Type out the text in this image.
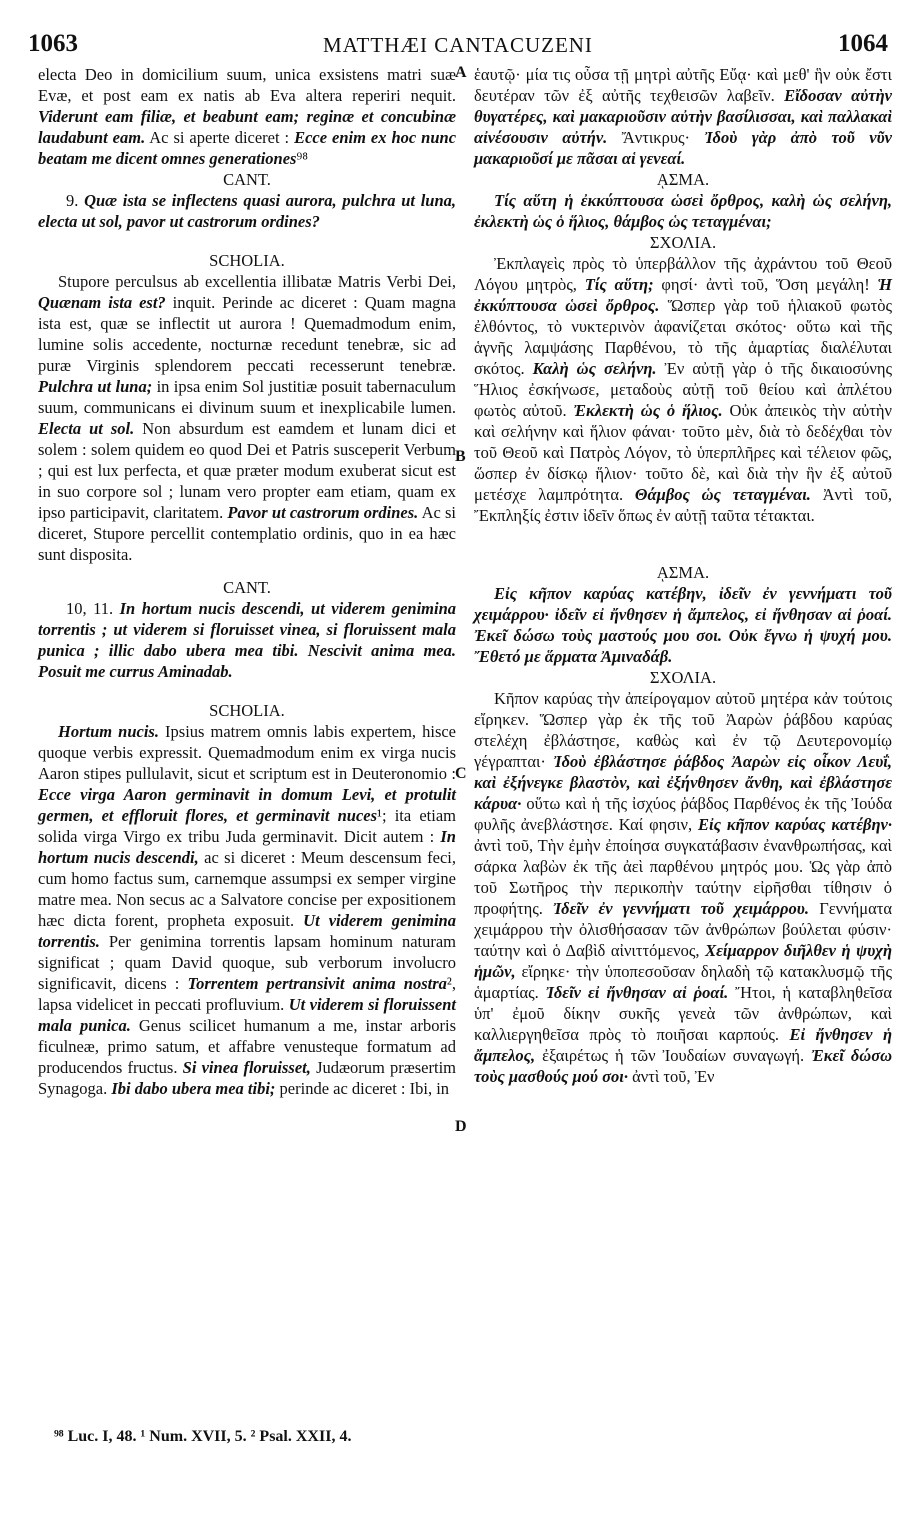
1063	MATTHÆI CANTACUZENI	1064
A
B
C
D

electa Deo in domicilium suum, unica exsistens matri suæ Evæ, et post eam ex natis ab Eva altera reperiri nequit. Viderunt eam filiæ, et beabunt eam; reginæ et concubinæ laudabunt eam. Ac si aperte diceret : Ecce enim ex hoc nunc beatam me dicent omnes generationes⁹⁸

CANT.

9. Quæ ista se inflectens quasi aurora, pulchra ut luna, electa ut sol, pavor ut castrorum ordines?

SCHOLIA.

Stupore perculsus ab excellentia illibatæ Matris Verbi Dei, Quænam ista est? inquit. Perinde ac diceret : Quam magna ista est, quæ se inflectit ut aurora ! Quemadmodum enim, lumine solis accedente, nocturnæ recedunt tenebræ, sic ad puræ Virginis splendorem peccati recesserunt tenebræ. Pulchra ut luna; in ipsa enim Sol justitiæ posuit tabernaculum suum, communicans ei divinum suum et inexplicabile lumen. Electa ut sol. Non absurdum est eamdem et lunam dici et solem : solem quidem eo quod Dei et Patris susceperit Verbum ; qui est lux perfecta, et quæ præter modum exuberat sicut est in suo corpore sol ; lunam vero propter eam etiam, quam ex ipso participavit, claritatem. Pavor ut castrorum ordines. Ac si diceret, Stupore percellit contemplatio ordinis, quo in ea hæc sunt disposita.

CANT.

10, 11. In hortum nucis descendi, ut viderem genimina torrentis ; ut viderem si floruisset vinea, si floruissent mala punica ; illic dabo ubera mea tibi. Nescivit anima mea. Posuit me currus Aminadab.

SCHOLIA.

Hortum nucis. Ipsius matrem omnis labis expertem, hisce quoque verbis expressit. Quemadmodum enim ex virga nucis Aaron stipes pullulavit, sicut et scriptum est in Deuteronomio : Ecce virga Aaron germinavit in domum Levi, et protulit germen, et effloruit flores, et germinavit nuces¹; ita etiam solida virga Virgo ex tribu Juda germinavit. Dicit autem : In hortum nucis descendi, ac si diceret : Meum descensum feci, cum homo factus sum, carnemque assumpsi ex semper virgine matre mea. Non secus ac a Salvatore concise per expositionem hæc dicta forent, propheta exposuit. Ut viderem genimina torrentis. Per genimina torrentis lapsam hominum naturam significat ; quam David quoque, sub verborum involucro significavit, dicens : Torrentem pertransivit anima nostra², lapsa videlicet in peccati profluvium. Ut viderem si floruissent mala punica. Genus scilicet humanum a me, instar arboris ficulneæ, primo satum, et affabre venusteque formatum ad producendos fructus. Si vinea floruisset, Judæorum præsertim Synagoga. Ibi dabo ubera mea tibi; perinde ac diceret : Ibi, in

ἑαυτῷ· μία τις οὖσα τῇ μητρὶ αὐτῆς Εὔᾳ· καὶ μεθ' ἣν οὐκ ἔστι δευτέραν τῶν ἐξ αὐτῆς τεχθεισῶν λαβεῖν. Εἴδοσαν αὐτὴν θυγατέρες, καὶ μακαριοῦσιν αὐτὴν βασίλισσαι, καὶ παλλακαὶ αἰνέσουσιν αὐτήν. Ἄντικρυς· Ἰδοὺ γὰρ ἀπὸ τοῦ νῦν μακαριοῦσί με πᾶσαι αἱ γενεαί.

ᾼΣΜΑ.

Τίς αὕτη ἡ ἐκκύπτουσα ὡσεὶ ὄρθρος, καλὴ ὡς σελήνη, ἐκλεκτὴ ὡς ὁ ἥλιος, θάμβος ὡς τεταγμέναι;

ΣΧΟΛΙΑ.

Ἐκπλαγεὶς πρὸς τὸ ὑπερβάλλον τῆς ἀχράντου τοῦ Θεοῦ Λόγου μητρὸς, Τίς αὕτη; φησί· ἀντὶ τοῦ, Ὅση μεγάλη! Ἡ ἐκκύπτουσα ὡσεὶ ὄρθρος. Ὥσπερ γὰρ τοῦ ἡλιακοῦ φωτὸς ἐλθόντος, τὸ νυκτερινὸν ἀφανίζεται σκότος· οὕτω καὶ τῆς ἁγνῆς λαμψάσης Παρθένου, τὸ τῆς ἁμαρτίας διαλέλυται σκότος. Καλὴ ὡς σελήνη. Ἐν αὐτῇ γὰρ ὁ τῆς δικαιοσύνης Ἥλιος ἐσκήνωσε, μεταδοὺς αὐτῇ τοῦ θείου καὶ ἀπλέτου φωτὸς αὐτοῦ. Ἐκλεκτὴ ὡς ὁ ἥλιος. Οὐκ ἀπεικὸς τὴν αὐτὴν καὶ σελήνην καὶ ἥλιον φάναι· τοῦτο μὲν, διὰ τὸ δεδέχθαι τὸν τοῦ Θεοῦ καὶ Πατρὸς Λόγον, τὸ ὑπερπλῆρες καὶ τέλειον φῶς, ὥσπερ ἐν δίσκῳ ἥλιον· τοῦτο δὲ, καὶ διὰ τὴν ἣν ἐξ αὐτοῦ μετέσχε λαμπρότητα. Θάμβος ὡς τεταγμέναι. Ἀντὶ τοῦ, Ἔκπληξίς ἐστιν ἰδεῖν ὅπως ἐν αὐτῇ ταῦτα τέτακται.

ᾼΣΜΑ.

Εἰς κῆπον καρύας κατέβην, ἰδεῖν ἐν γεννήματι τοῦ χειμάρρου· ἰδεῖν εἰ ἤνθησεν ἡ ἄμπελος, εἰ ἤνθησαν αἱ ῥοαί. Ἐκεῖ δώσω τοὺς μαστούς μου σοι. Οὐκ ἔγνω ἡ ψυχή μου. Ἔθετό με ἅρματα Ἀμιναδάβ.

ΣΧΟΛΙΑ.

Κῆπον καρύας τὴν ἀπείρογαμον αὐτοῦ μητέρα κἀν τούτοις εἴρηκεν. Ὥσπερ γὰρ ἐκ τῆς τοῦ Ἀαρὼν ῥάβδου καρύας στελέχη ἐβλάστησε, καθὼς καὶ ἐν τῷ Δευτερονομίῳ γέγραπται· Ἰδοὺ ἐβλάστησε ῥάβδος Ἀαρὼν εἰς οἶκον Λευΐ, καὶ ἐξήνεγκε βλαστὸν, καὶ ἐξήνθησεν ἄνθη, καὶ ἐβλάστησε κάρυα· οὕτω καὶ ἡ τῆς ἰσχύος ῥάβδος Παρθένος ἐκ τῆς Ἰούδα φυλῆς ἀνεβλάστησε. Καί φησιν, Εἰς κῆπον καρύας κατέβην· ἀντὶ τοῦ, Τὴν ἐμὴν ἐποίησα συγκατάβασιν ἐνανθρωπήσας, καὶ σάρκα λαβὼν ἐκ τῆς ἀεὶ παρθένου μητρός μου. Ὡς γὰρ ἀπὸ τοῦ Σωτῆρος τὴν περικοπὴν ταύτην εἰρῆσθαι τίθησιν ὁ προφήτης. Ἰδεῖν ἐν γεννήματι τοῦ χειμάρρου. Γεννήματα χειμάρρου τὴν ὀλισθήσασαν τῶν ἀνθρώπων βούλεται φύσιν· ταύτην καὶ ὁ Δαβὶδ αἰνιττόμενος, Χείμαρρον διῆλθεν ἡ ψυχὴ ἡμῶν, εἴρηκε· τὴν ὑποπεσοῦσαν δηλαδὴ τῷ κατακλυσμῷ τῆς ἁμαρτίας. Ἰδεῖν εἰ ἤνθησαν αἱ ῥοαί. Ἤτοι, ἡ καταβληθεῖσα ὑπ' ἐμοῦ δίκην συκῆς γενεὰ τῶν ἀνθρώπων, καὶ καλλιεργηθεῖσα πρὸς τὸ ποιῆσαι καρπούς. Εἰ ἤνθησεν ἡ ἄμπελος, ἐξαιρέτως ἡ τῶν Ἰουδαίων συναγωγή. Ἐκεῖ δώσω τοὺς μασθούς μού σοι· ἀντὶ τοῦ, Ἐν

⁹⁸ Luc. I, 48. ¹ Num. XVII, 5. ² Psal. XXII, 4.
